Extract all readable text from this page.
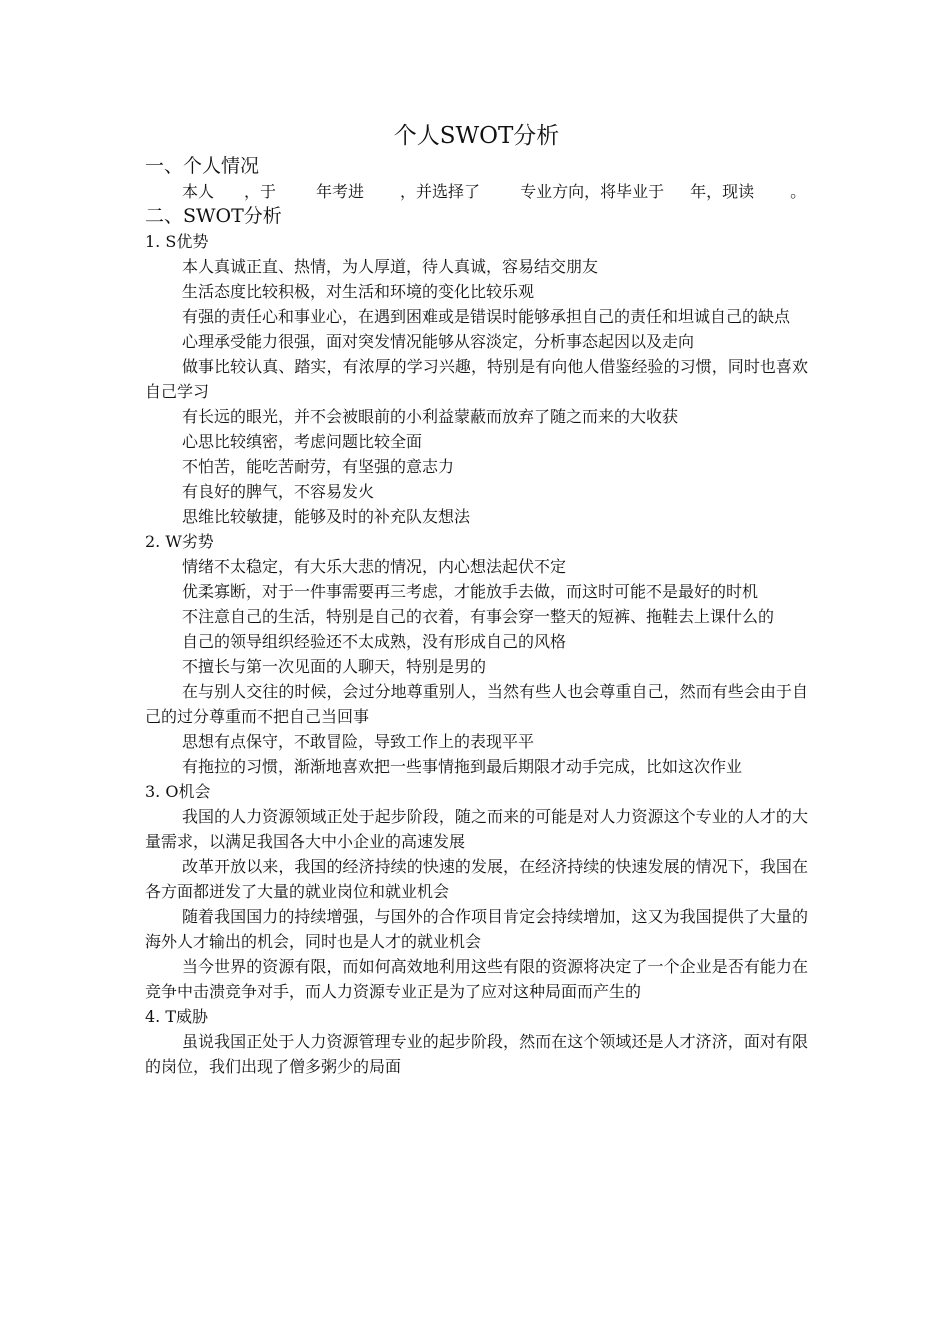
个人SWOT分析
一、个人情况

本人 ，于	年考进 ，并选择了	专业方向，将毕业于 年，现读 。

二、SWOT分析
1. S优势

本人真诚正直、热情，为人厚道，待人真诚，容易结交朋友

生活态度比较积极，对生活和环境的变化比较乐观

有强的责任心和事业心，在遇到困难或是错误时能够承担自己的责任和坦诚自己的缺点

心理承受能力很强，面对突发情况能够从容淡定，分析事态起因以及走向

做事比较认真、踏实，有浓厚的学习兴趣，特别是有向他人借鉴经验的习惯，同时也喜欢自己学习

有长远的眼光，并不会被眼前的小利益蒙蔽而放弃了随之而来的大收获

心思比较缜密，考虑问题比较全面

不怕苦，能吃苦耐劳，有坚强的意志力

有良好的脾气，不容易发火

思维比较敏捷，能够及时的补充队友想法

2. W劣势

情绪不太稳定，有大乐大悲的情况，内心想法起伏不定

优柔寡断，对于一件事需要再三考虑，才能放手去做，而这时可能不是最好的时机

不注意自己的生活，特别是自己的衣着，有事会穿一整天的短裤、拖鞋去上课什么的

自己的领导组织经验还不太成熟，没有形成自己的风格

不擅长与第一次见面的人聊天，特别是男的

在与别人交往的时候，会过分地尊重别人，当然有些人也会尊重自己，然而有些会由于自己的过分尊重而不把自己当回事

思想有点保守，不敢冒险，导致工作上的表现平平

有拖拉的习惯，渐渐地喜欢把一些事情拖到最后期限才动手完成，比如这次作业

3. O机会

我国的人力资源领域正处于起步阶段，随之而来的可能是对人力资源这个专业的人才的大量需求，以满足我国各大中小企业的高速发展

改革开放以来，我国的经济持续的快速的发展，在经济持续的快速发展的情况下，我国在各方面都迸发了大量的就业岗位和就业机会

随着我国国力的持续增强，与国外的合作项目肯定会持续增加，这又为我国提供了大量的海外人才输出的机会，同时也是人才的就业机会

当今世界的资源有限，而如何高效地利用这些有限的资源将决定了一个企业是否有能力在竞争中击溃竞争对手，而人力资源专业正是为了应对这种局面而产生的

4. T威胁

虽说我国正处于人力资源管理专业的起步阶段，然而在这个领域还是人才济济，面对有限的岗位，我们出现了僧多粥少的局面
